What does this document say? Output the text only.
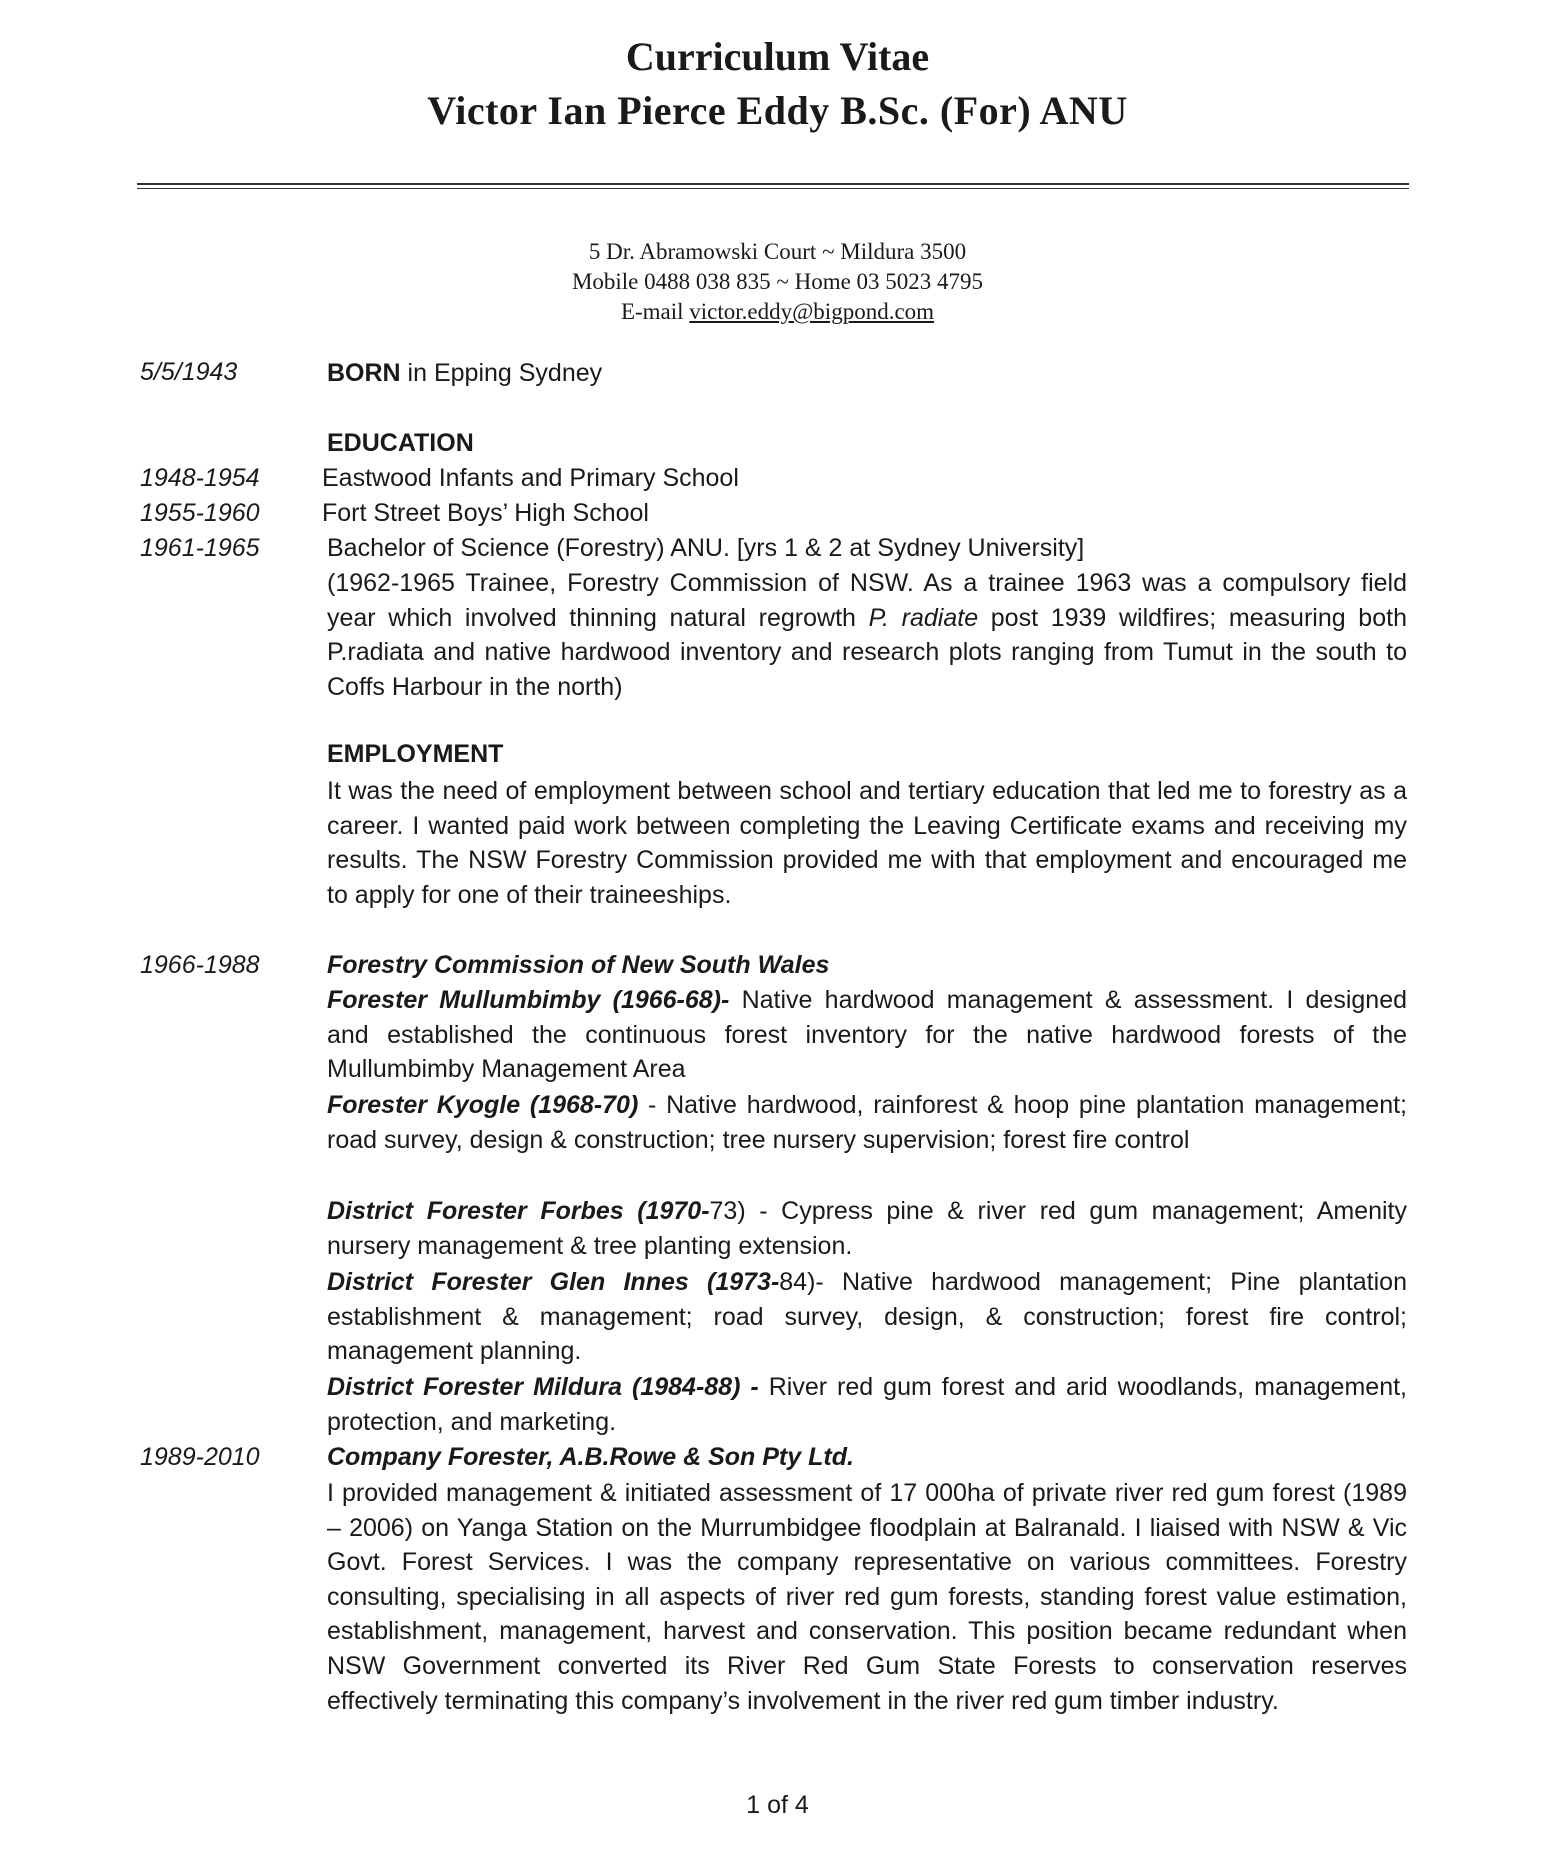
Curriculum Vitae
Victor Ian Pierce Eddy B.Sc. (For) ANU
5 Dr. Abramowski Court ~ Mildura 3500
Mobile 0488 038 835 ~ Home 03 5023 4795
E-mail victor.eddy@bigpond.com
5/5/1943	BORN in Epping Sydney
EDUCATION
1948-1954 Eastwood Infants and Primary School
1955-1960 Fort Street Boys’ High School
1961-1965	Bachelor of Science (Forestry) ANU. [yrs 1 & 2 at Sydney University]
(1962-1965 Trainee, Forestry Commission of NSW. As a trainee 1963 was a compulsory field year which involved thinning natural regrowth P. radiate post 1939 wildfires; measuring both P.radiata and native hardwood inventory and research plots ranging from Tumut in the south to Coffs Harbour in the north)
EMPLOYMENT
It was the need of employment between school and tertiary education that led me to forestry as a career. I wanted paid work between completing the Leaving Certificate exams and receiving my results. The NSW Forestry Commission provided me with that employment and encouraged me to apply for one of their traineeships.
1966-1988	Forestry Commission of New South Wales
Forester Mullumbimby (1966-68)- Native hardwood management & assessment. I designed and established the continuous forest inventory for the native hardwood forests of the Mullumbimby Management Area
Forester Kyogle (1968-70) - Native hardwood, rainforest & hoop pine plantation management; road survey, design & construction; tree nursery supervision; forest fire control
District Forester Forbes (1970-73) - Cypress pine & river red gum management; Amenity nursery management & tree planting extension.
District Forester Glen Innes (1973-84)- Native hardwood management; Pine plantation establishment & management; road survey, design, & construction; forest fire control; management planning.
District Forester Mildura (1984-88) - River red gum forest and arid woodlands, management, protection, and marketing.
1989-2010	Company Forester, A.B.Rowe & Son Pty Ltd.
I provided management & initiated assessment of 17 000ha of private river red gum forest (1989 – 2006) on Yanga Station on the Murrumbidgee floodplain at Balranald. I liaised with NSW & Vic Govt. Forest Services. I was the company representative on various committees. Forestry consulting, specialising in all aspects of river red gum forests, standing forest value estimation, establishment, management, harvest and conservation. This position became redundant when NSW Government converted its River Red Gum State Forests to conservation reserves effectively terminating this company’s involvement in the river red gum timber industry.
1 of 4
